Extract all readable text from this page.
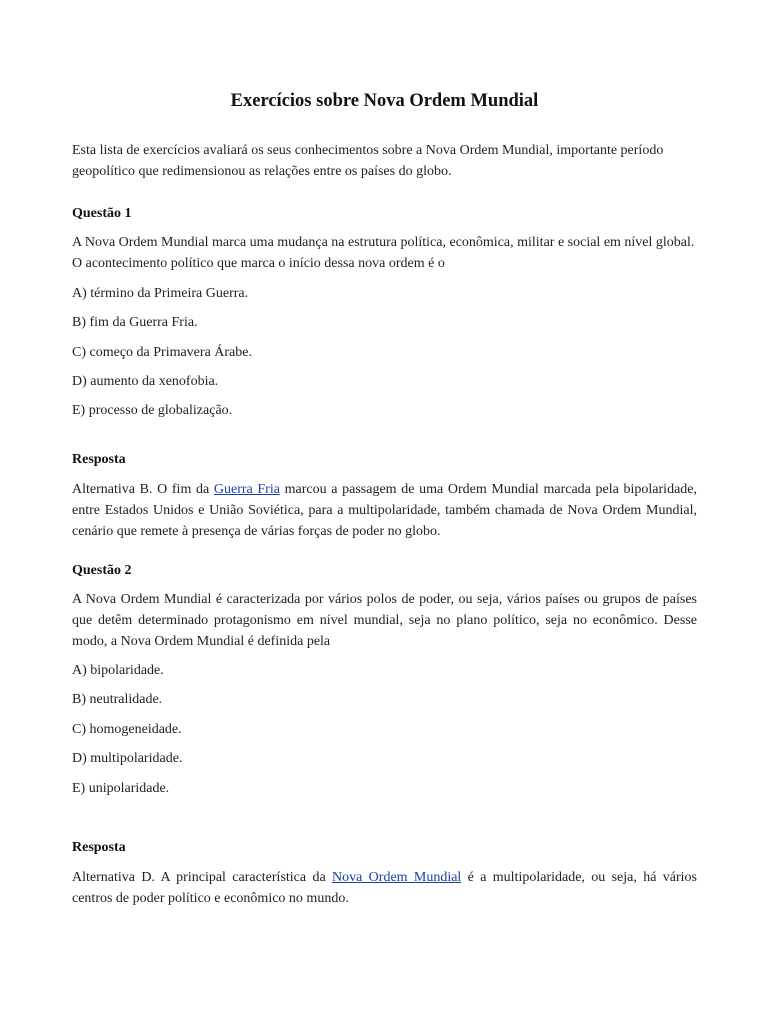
Exercícios sobre Nova Ordem Mundial

Esta lista de exercícios avaliará os seus conhecimentos sobre a Nova Ordem Mundial, importante período geopolítico que redimensionou as relações entre os países do globo.

Questão 1

A Nova Ordem Mundial marca uma mudança na estrutura política, econômica, militar e social em nível global. O acontecimento político que marca o início dessa nova ordem é o

A) término da Primeira Guerra.

B) fim da Guerra Fria.

C) começo da Primavera Árabe.

D) aumento da xenofobia.

E) processo de globalização.

Resposta

Alternativa B. O fim da Guerra Fria marcou a passagem de uma Ordem Mundial marcada pela bipolaridade, entre Estados Unidos e União Soviética, para a multipolaridade, também chamada de Nova Ordem Mundial, cenário que remete à presença de várias forças de poder no globo.

Questão 2

A Nova Ordem Mundial é caracterizada por vários polos de poder, ou seja, vários países ou grupos de países que detêm determinado protagonismo em nível mundial, seja no plano político, seja no econômico. Desse modo, a Nova Ordem Mundial é definida pela

A) bipolaridade.

B) neutralidade.

C) homogeneidade.

D) multipolaridade.

E) unipolaridade.

Resposta

Alternativa D. A principal característica da Nova Ordem Mundial é a multipolaridade, ou seja, há vários centros de poder político e econômico no mundo.
